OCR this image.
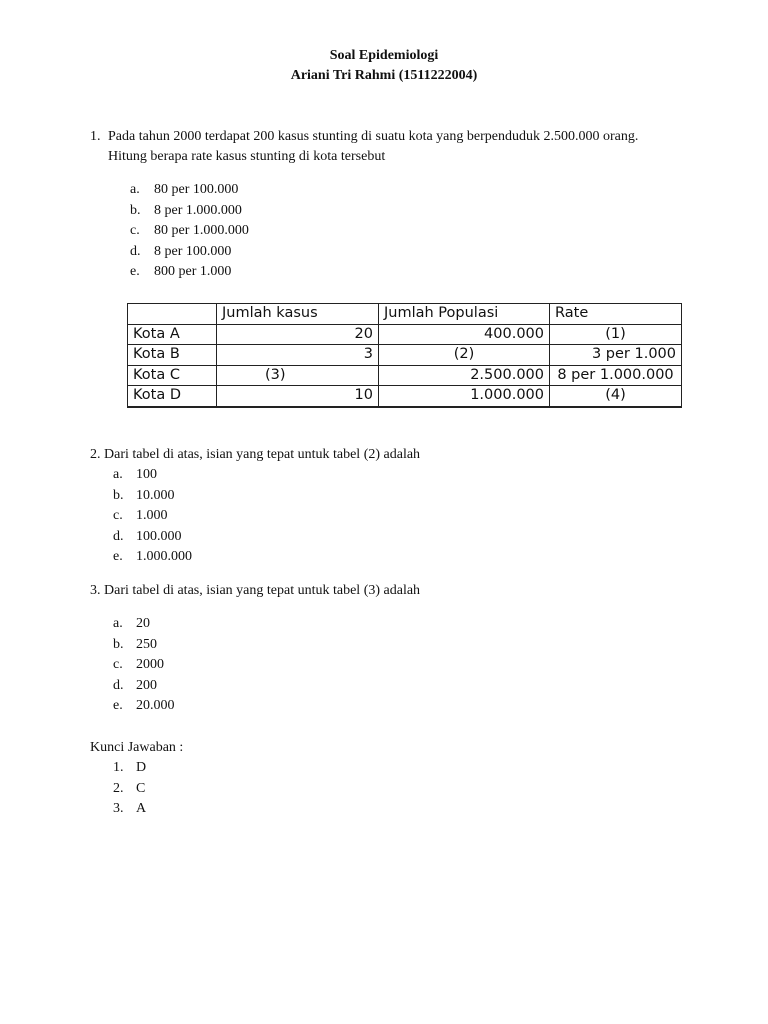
Soal Epidemiologi
Ariani Tri Rahmi (1511222004)
1. Pada tahun 2000 terdapat 200 kasus stunting di suatu kota yang berpenduduk 2.500.000 orang. Hitung berapa rate kasus stunting di kota tersebut
a.	80 per 100.000
b. 8 per 1.000.000
c.	80 per 1.000.000
d. 8 per 100.000
e.	800 per 1.000
	Jumlah kasus	Jumlah Populasi	Rate
Kota A	20	400.000	(1)
Kota B	3	(2)	3 per 1.000
Kota C	(3)	2.500.000	8 per 1.000.000
Kota D	10	1.000.000	(4)
2. Dari tabel di atas, isian yang tepat untuk tabel (2) adalah
a. 100
b. 10.000
c. 1.000
d. 100.000
e. 1.000.000
3. Dari tabel di atas, isian yang tepat untuk tabel (3) adalah
a. 20
b. 250
c. 2000
d. 200
e. 20.000
Kunci Jawaban :
1. D
2. C
3. A
